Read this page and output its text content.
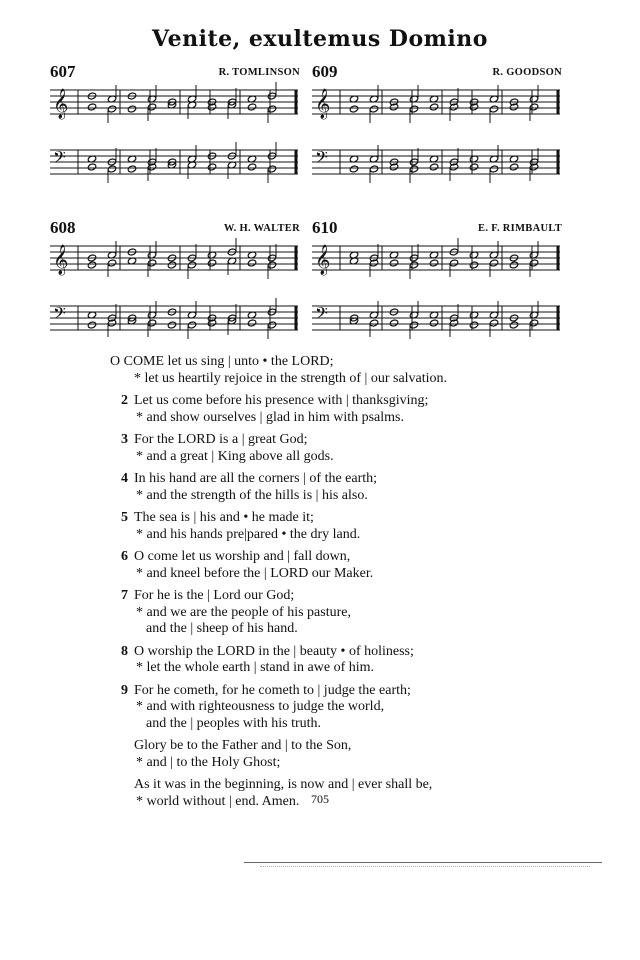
Venite, exultemus Domino
607	R. TOMLINSON
𝄞
𝄢
609	R. GOODSON
𝄞
𝄢
608	W. H. WALTER
𝄞
𝄢
610	E. F. RIMBAULT
𝄞
𝄢
O COME let us sing | unto • the LORD;
* let us heartily rejoice in the strength of | our salvation.
2 Let us come before his presence with | thanksgiving;
* and show ourselves | glad in him with psalms.
3 For the LORD is a | great God;
* and a great | King above all gods.
4 In his hand are all the corners | of the earth;
* and the strength of the hills is | his also.
5 The sea is | his and • he made it;
* and his hands pre|pared • the dry land.
6 O come let us worship and | fall down,
* and kneel before the | LORD our Maker.
7 For he is the | Lord our God;
* and we are the people of his pasture,
and the | sheep of his hand.
8 O worship the LORD in the | beauty • of holiness;
* let the whole earth | stand in awe of him.
9 For he cometh, for he cometh to | judge the earth;
* and with righteousness to judge the world,
and the | peoples with his truth.
Glory be to the Father and | to the Son,
* and | to the Holy Ghost;
As it was in the beginning, is now and | ever shall be,
* world without | end. Amen. 705
